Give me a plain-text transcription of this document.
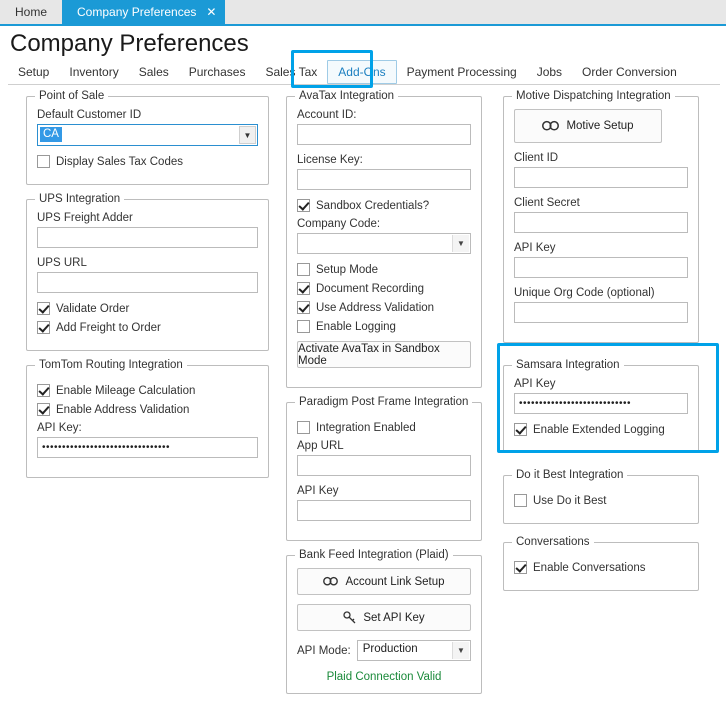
Home	Company Preferences ✕
Company Preferences
Setup	Inventory	Sales	Purchases	Sales Tax	Add-Ons	Payment Processing	Jobs	Order Conversion
Point of Sale
Default Customer ID
CA	▼
Display Sales Tax Codes
UPS Integration
UPS Freight Adder
UPS URL
Validate Order
Add Freight to Order
TomTom Routing Integration
Enable Mileage Calculation
Enable Address Validation
API Key:
••••••••••••••••••••••••••••••••
AvaTax Integration
Account ID:
License Key:
Sandbox Credentials?
Company Code:
▼
Setup Mode
Document Recording
Use Address Validation
Enable Logging
Activate AvaTax in Sandbox Mode
Paradigm Post Frame Integration
Integration Enabled
App URL
API Key
Bank Feed Integration (Plaid)
Account Link Setup
Set API Key
API Mode: Production	▼
Plaid Connection Valid
Motive Dispatching Integration
Motive Setup
Client ID
Client Secret
API Key
Unique Org Code (optional)
Samsara Integration
API Key
••••••••••••••••••••••••••••
Enable Extended Logging
Do it Best Integration
Use Do it Best
Conversations
Enable Conversations
